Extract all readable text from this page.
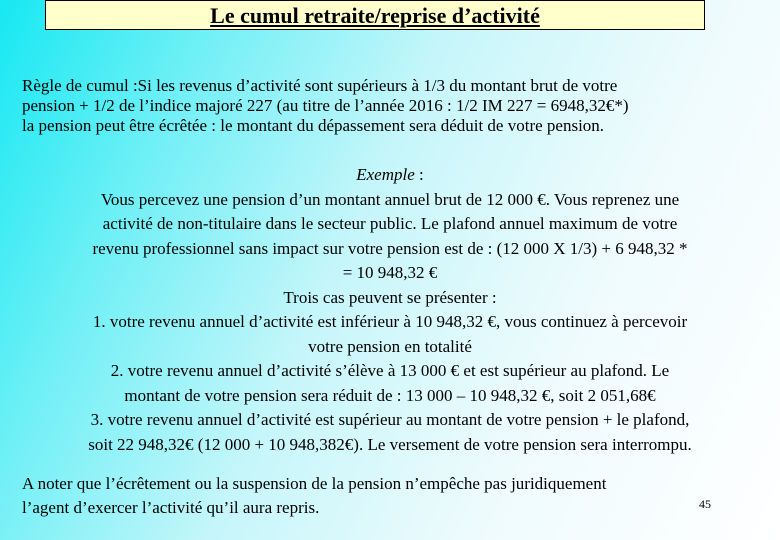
Le cumul retraite/reprise d’activité
Règle de cumul :Si les revenus d’activité sont supérieurs à 1/3 du montant brut de votre
pension + 1/2 de l’indice majoré 227 (au titre de l’année 2016 : 1/2 IM 227 = 6948,32€*)
la pension peut être écrêtée : le montant du dépassement sera déduit de votre pension.
Exemple :
Vous percevez une pension d’un montant annuel brut de 12 000 €. Vous reprenez une
activité de non-titulaire dans le secteur public. Le plafond annuel maximum de votre
revenu professionnel sans impact sur votre pension est de : (12 000 X 1/3) + 6 948,32 *
= 10 948,32 €
Trois cas peuvent se présenter :
1. votre revenu annuel d’activité est inférieur à 10 948,32 €, vous continuez à percevoir
votre pension en totalité
2. votre revenu annuel d’activité s’élève à 13 000 € et est supérieur au plafond. Le
montant de votre pension sera réduit de : 13 000 – 10 948,32 €, soit 2 051,68€
3. votre revenu annuel d’activité est supérieur au montant de votre pension + le plafond,
soit 22 948,32€ (12 000 + 10 948,382€). Le versement de votre pension sera interrompu.
A noter que l’écrêtement ou la suspension de la pension n’empêche pas juridiquement
l’agent d’exercer l’activité qu’il aura repris.	45
